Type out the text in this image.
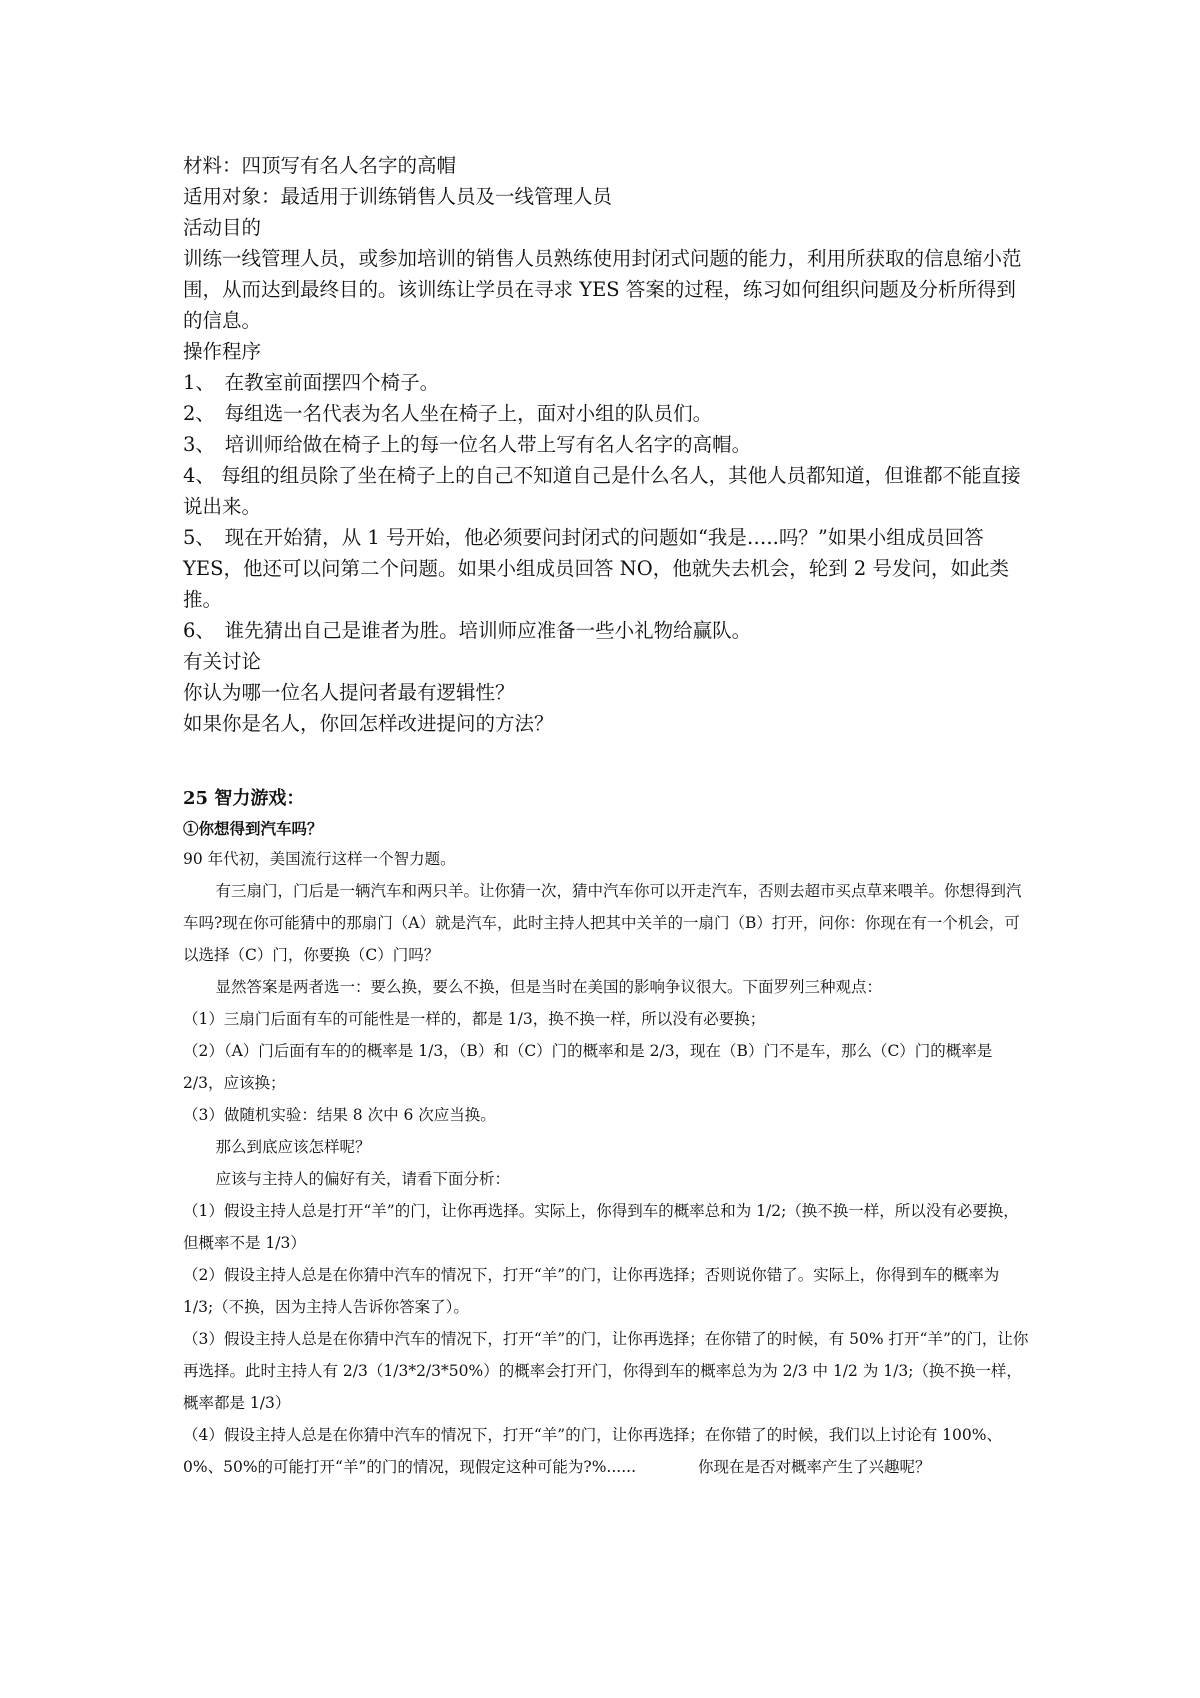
材料：四顶写有名人名字的高帽

适用对象：最适用于训练销售人员及一线管理人员

活动目的

训练一线管理人员，或参加培训的销售人员熟练使用封闭式问题的能力，利用所获取的信息缩小范围，从而达到最终目的。该训练让学员在寻求 YES 答案的过程，练习如何组织问题及分析所得到的信息。

操作程序

1、　在教室前面摆四个椅子。

2、　每组选一名代表为名人坐在椅子上，面对小组的队员们。

3、　培训师给做在椅子上的每一位名人带上写有名人名字的高帽。

4、 每组的组员除了坐在椅子上的自己不知道自己是什么名人，其他人员都知道，但谁都不能直接说出来。

5、　现在开始猜，从 1 号开始，他必须要问封闭式的问题如“我是…..吗？”如果小组成员回答 YES，他还可以问第二个问题。如果小组成员回答 NO，他就失去机会，轮到 2 号发问，如此类推。

6、　谁先猜出自己是谁者为胜。培训师应准备一些小礼物给赢队。

有关讨论

你认为哪一位名人提问者最有逻辑性？

如果你是名人，你回怎样改进提问的方法？

25 智力游戏：

①你想得到汽车吗？

90 年代初，美国流行这样一个智力题。

有三扇门，门后是一辆汽车和两只羊。让你猜一次，猜中汽车你可以开走汽车，否则去超市买点草来喂羊。你想得到汽车吗?现在你可能猜中的那扇门（A）就是汽车，此时主持人把其中关羊的一扇门（B）打开，问你：你现在有一个机会，可以选择（C）门，你要换（C）门吗？

显然答案是两者选一：要么换，要么不换，但是当时在美国的影响争议很大。下面罗列三种观点：

（1）三扇门后面有车的可能性是一样的，都是 1/3，换不换一样，所以没有必要换；

（2）（A）门后面有车的的概率是 1/3，（B）和（C）门的概率和是 2/3，现在（B）门不是车，那么（C）门的概率是 2/3，应该换；

（3）做随机实验：结果 8 次中 6 次应当换。

那么到底应该怎样呢？

应该与主持人的偏好有关，请看下面分析：

（1）假设主持人总是打开“羊”的门，让你再选择。实际上，你得到车的概率总和为 1/2;（换不换一样，所以没有必要换，但概率不是 1/3）

（2）假设主持人总是在你猜中汽车的情况下，打开“羊”的门，让你再选择；否则说你错了。实际上，你得到车的概率为 1/3;（不换，因为主持人告诉你答案了）。

（3）假设主持人总是在你猜中汽车的情况下，打开“羊”的门，让你再选择；在你错了的时候，有 50% 打开“羊”的门，让你再选择。此时主持人有 2/3（1/3*2/3*50%）的概率会打开门，你得到车的概率总为为 2/3 中 1/2 为 1/3;（换不换一样，概率都是 1/3）

（4）假设主持人总是在你猜中汽车的情况下，打开“羊”的门，让你再选择；在你错了的时候，我们以上讨论有 100%、0%、50%的可能打开“羊”的门的情况，现假定这种可能为?%......　　　　你现在是否对概率产生了兴趣呢？
